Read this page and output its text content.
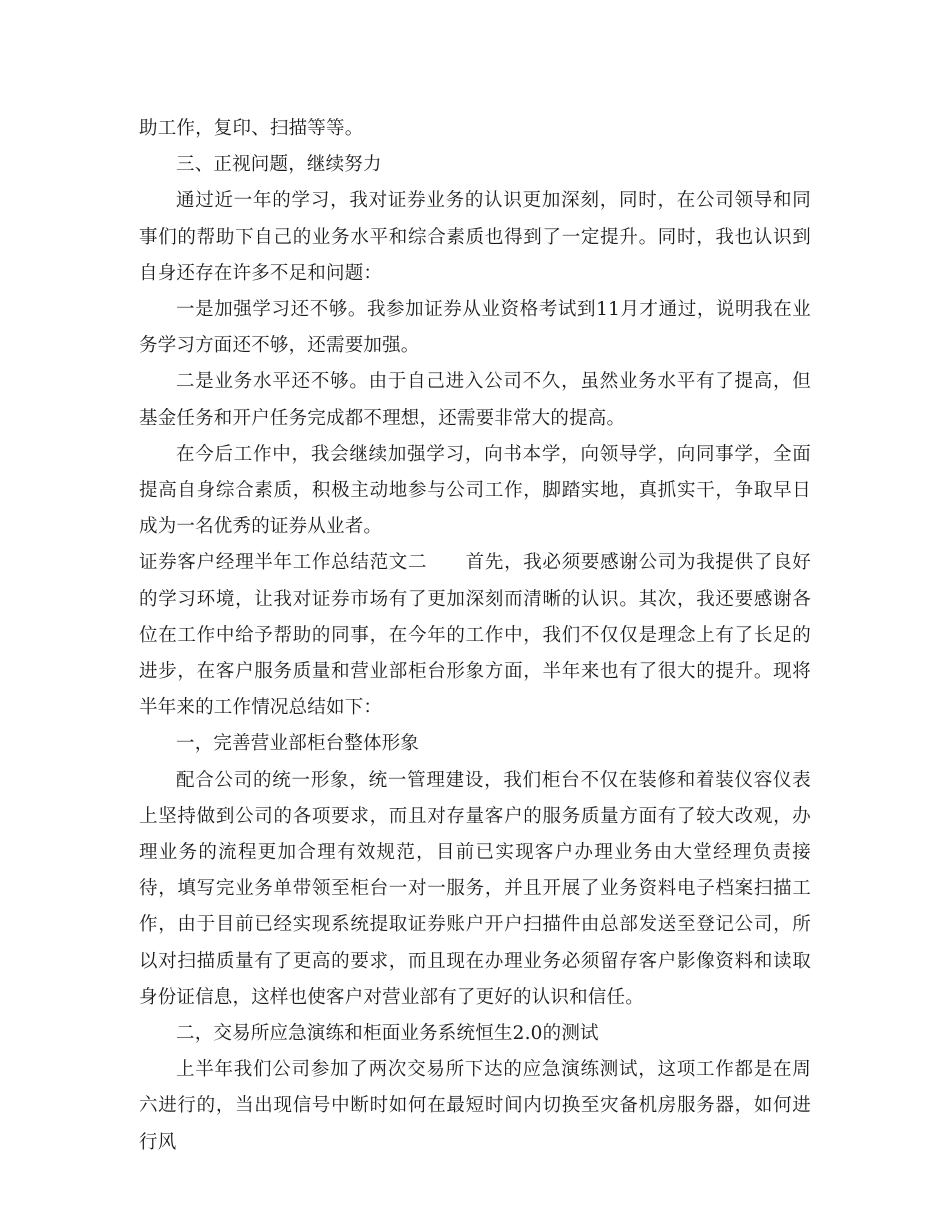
助工作，复印、扫描等等。

三、正视问题，继续努力

通过近一年的学习，我对证券业务的认识更加深刻，同时，在公司领导和同事们的帮助下自己的业务水平和综合素质也得到了一定提升。同时，我也认识到自身还存在许多不足和问题：

一是加强学习还不够。我参加证券从业资格考试到11月才通过，说明我在业务学习方面还不够，还需要加强。

二是业务水平还不够。由于自己进入公司不久，虽然业务水平有了提高，但基金任务和开户任务完成都不理想，还需要非常大的提高。

在今后工作中，我会继续加强学习，向书本学，向领导学，向同事学，全面提高自身综合素质，积极主动地参与公司工作，脚踏实地，真抓实干，争取早日成为一名优秀的证券从业者。

证券客户经理半年工作总结范文二　　首先，我必须要感谢公司为我提供了良好的学习环境，让我对证券市场有了更加深刻而清晰的认识。其次，我还要感谢各位在工作中给予帮助的同事，在今年的工作中，我们不仅仅是理念上有了长足的进步，在客户服务质量和营业部柜台形象方面，半年来也有了很大的提升。现将半年来的工作情况总结如下：

一，完善营业部柜台整体形象

配合公司的统一形象，统一管理建设，我们柜台不仅在装修和着装仪容仪表上坚持做到公司的各项要求，而且对存量客户的服务质量方面有了较大改观，办理业务的流程更加合理有效规范，目前已实现客户办理业务由大堂经理负责接待，填写完业务单带领至柜台一对一服务，并且开展了业务资料电子档案扫描工作，由于目前已经实现系统提取证券账户开户扫描件由总部发送至登记公司，所以对扫描质量有了更高的要求，而且现在办理业务必须留存客户影像资料和读取身份证信息，这样也使客户对营业部有了更好的认识和信任。

二，交易所应急演练和柜面业务系统恒生2.0的测试

上半年我们公司参加了两次交易所下达的应急演练测试，这项工作都是在周六进行的，当出现信号中断时如何在最短时间内切换至灾备机房服务器，如何进行风
